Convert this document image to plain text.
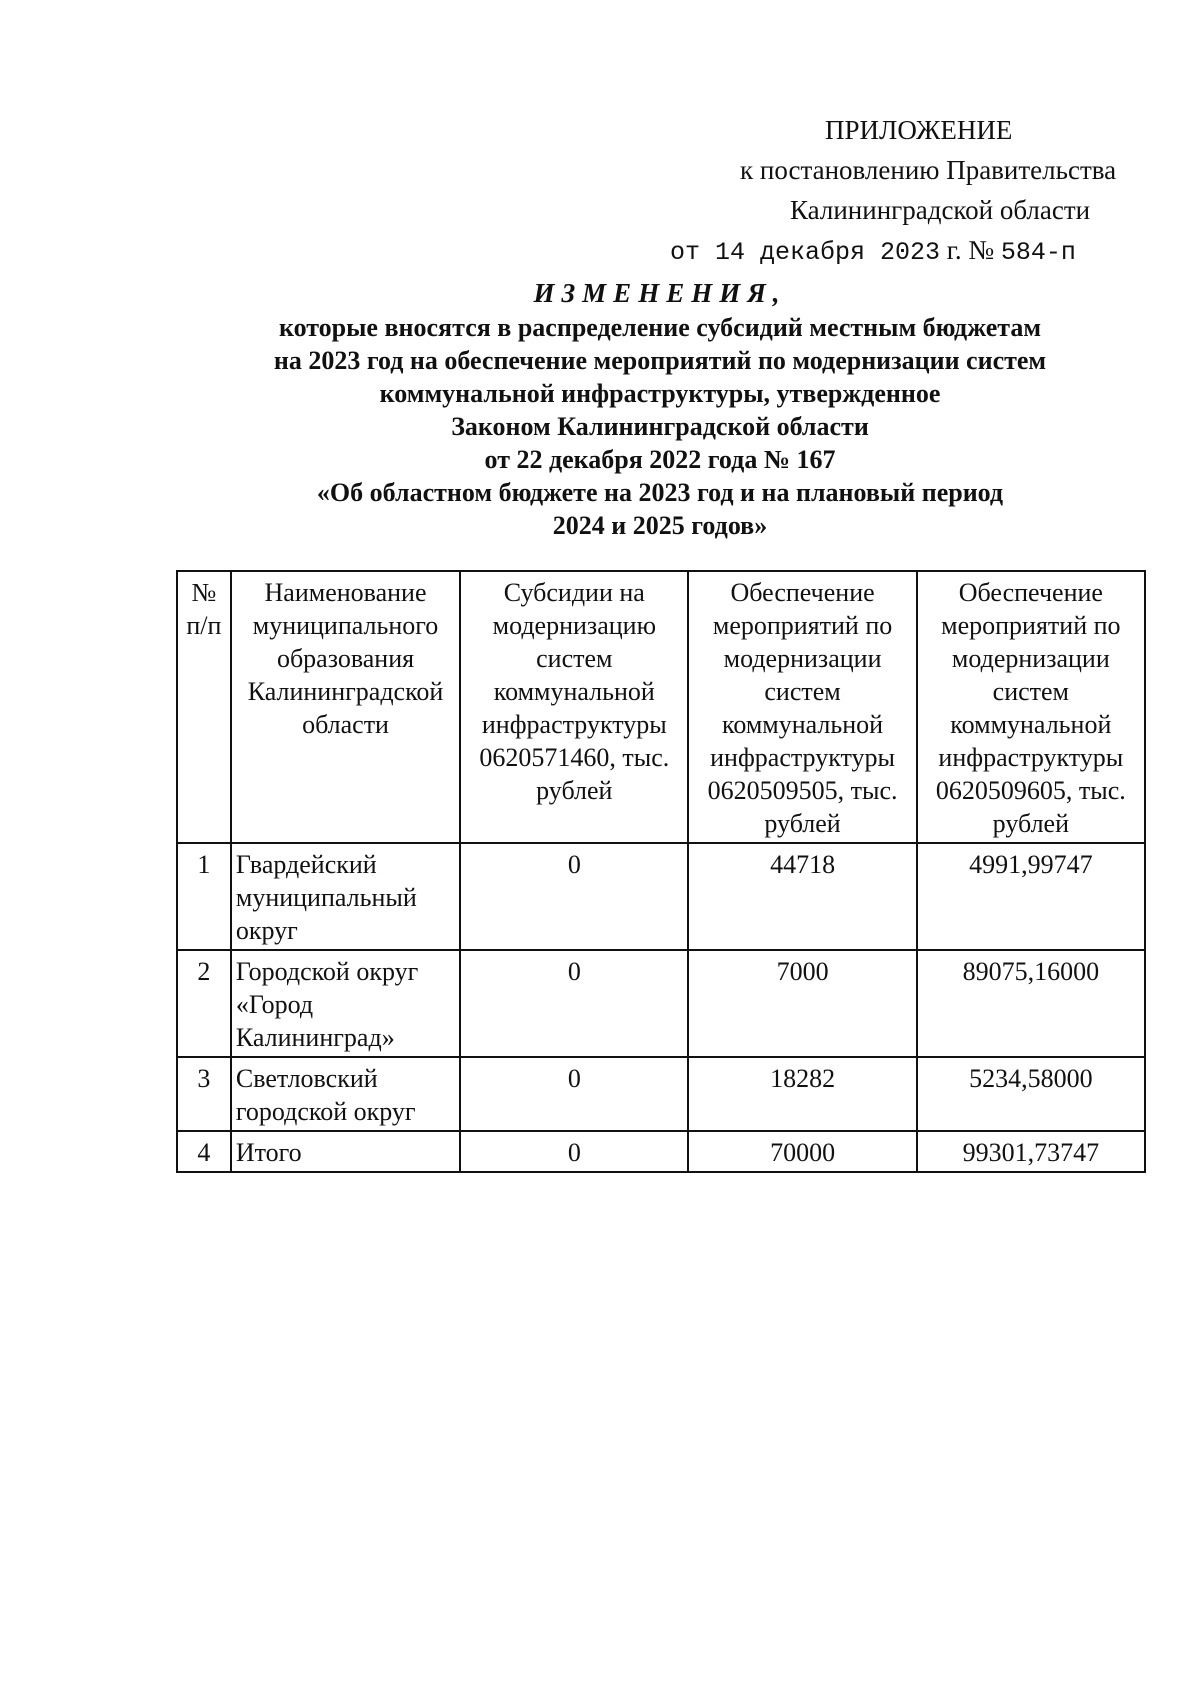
ПРИЛОЖЕНИЕ
к постановлению Правительства
Калининградской области
от 14 декабря 2023 г. № 584-п
ИЗМЕНЕНИЯ,
которые вносятся в распределение субсидий местным бюджетам
на 2023 год на обеспечение мероприятий по модернизации систем
коммунальной инфраструктуры, утвержденное
Законом Калининградской области
от 22 декабря 2022 года № 167
«Об областном бюджете на 2023 год и на плановый период
2024 и 2025 годов»
№ п/п	Наименование муниципального образования Калининградской области	Субсидии на модернизацию систем коммунальной инфраструктуры 0620571460, тыс. рублей	Обеспечение мероприятий по модернизации систем коммунальной инфраструктуры 0620509505, тыс. рублей	Обеспечение мероприятий по модернизации систем коммунальной инфраструктуры 0620509605, тыс. рублей
1	Гвардейский муниципальный округ	0	44718	4991,99747
2	Городской округ «Город Калининград»	0	7000	89075,16000
3	Светловский городской округ	0	18282	5234,58000
4	Итого	0	70000	99301,73747
